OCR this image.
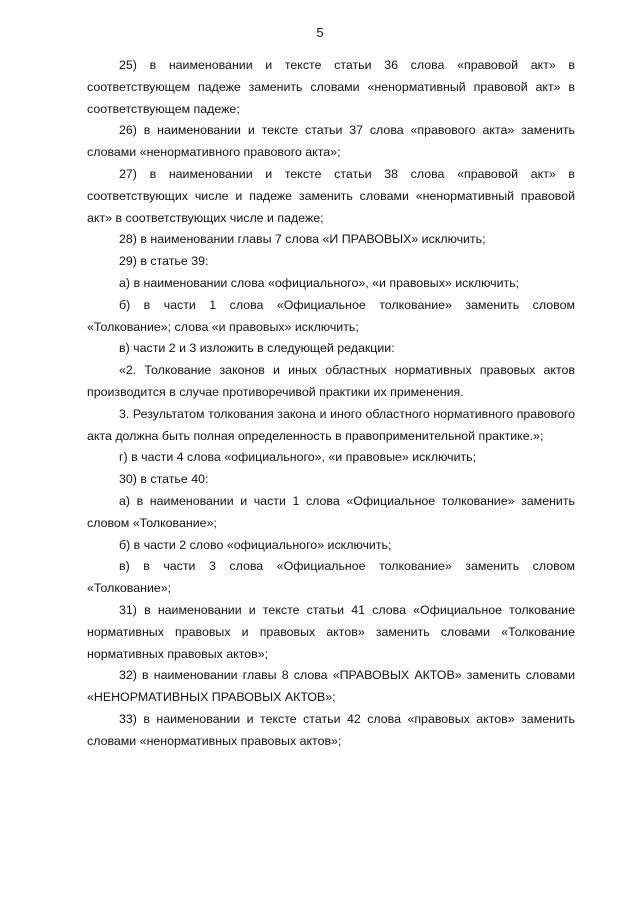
5

25) в наименовании и тексте статьи 36 слова «правовой акт» в соответствующем падеже заменить словами «ненормативный правовой акт» в соответствующем падеже;

26) в наименовании и тексте статьи 37 слова «правового акта» заменить словами «ненормативного правового акта»;

27) в наименовании и тексте статьи 38 слова «правовой акт» в соответствующих числе и падеже заменить словами «ненормативный правовой акт» в соответствующих числе и падеже;

28) в наименовании главы 7 слова «И ПРАВОВЫХ» исключить;

29) в статье 39:

а) в наименовании слова «официального», «и правовых» исключить;

б) в части 1 слова «Официальное толкование» заменить словом «Толкование»; слова «и правовых» исключить;

в) части 2 и 3 изложить в следующей редакции:

«2. Толкование законов и иных областных нормативных правовых актов производится в случае противоречивой практики их применения.

3. Результатом толкования закона и иного областного нормативного правового акта должна быть полная определенность в правоприменительной практике.»;

г) в части 4 слова «официального», «и правовые» исключить;

30) в статье 40:

а) в наименовании и части 1 слова «Официальное толкование» заменить словом «Толкование»;

б) в части 2 слово «официального» исключить;

в) в части 3 слова «Официальное толкование» заменить словом «Толкование»;

31) в наименовании и тексте статьи 41 слова «Официальное толкование нормативных правовых и правовых актов» заменить словами «Толкование нормативных правовых актов»;

32) в наименовании главы 8 слова «ПРАВОВЫХ АКТОВ» заменить словами «НЕНОРМАТИВНЫХ ПРАВОВЫХ АКТОВ»;

33) в наименовании и тексте статьи 42 слова «правовых актов» заменить словами «ненормативных правовых актов»;
